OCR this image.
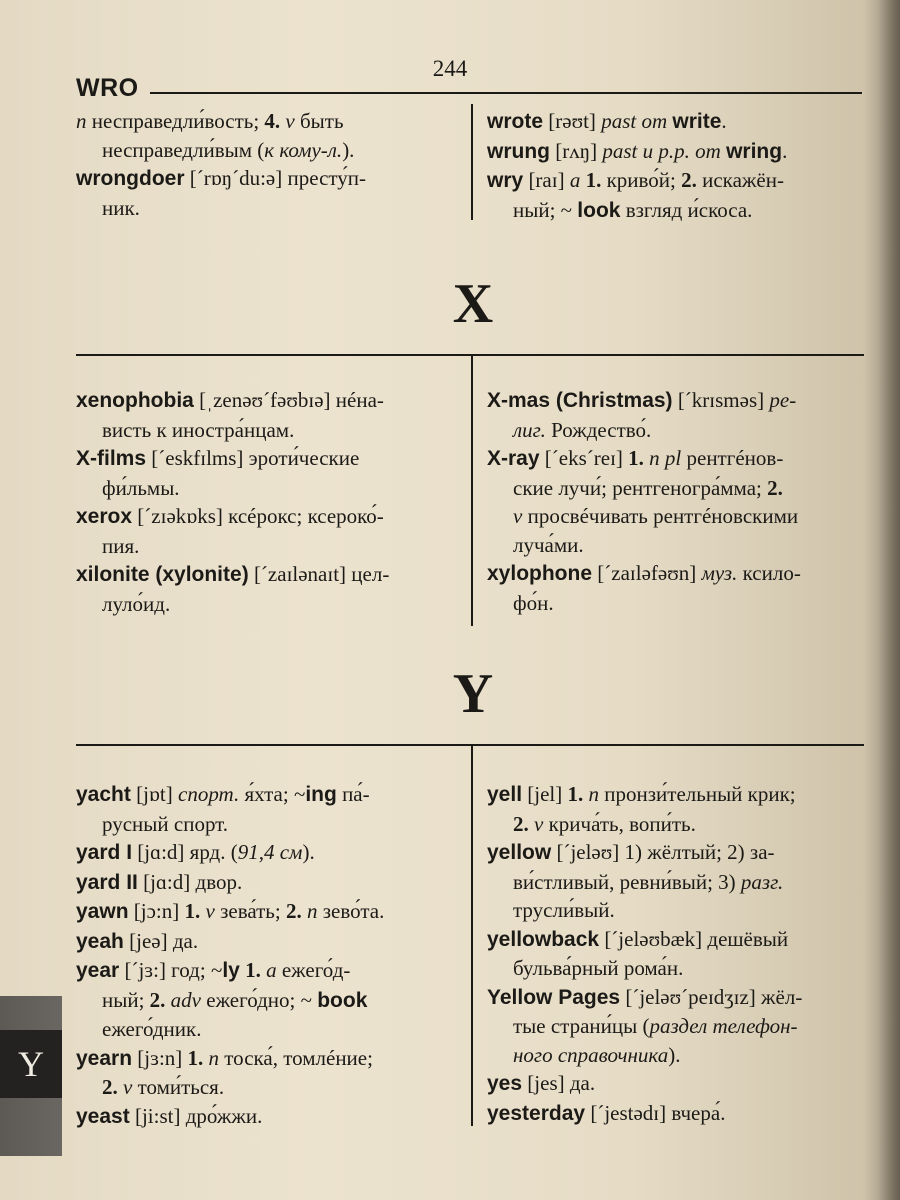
244
WRO
n несправедли́вость; 4. v быть
несправедли́вым (к кому-л.).
wrongdoer [´rɒŋ´du:ə] престу́п-
ник.
wrote [rəʊt] past от write.
wrung [rʌŋ] past и p.p. от wring.
wry [raɪ] a 1. криво́й; 2. искажён-
ный; ~ look взгляд и́скоса.
X
xenophobia [ˌzenəʊ´fəʊbɪə] нéна-
висть к иностра́нцам.
X-films [´eskfɪlms] эроти́ческие
фи́льмы.
xerox [´zɪəkɒks] ксéрокс; ксероко́-
пия.
xilonite (xylonite) [´zaɪlənaɪt] цел-
луло́ид.
X-mas (Christmas) [´krɪsməs] ре-
лиг. Рождество́.
X-ray [´eks´reɪ] 1. n pl рентгéнов-
ские лучи́; рентгеногра́мма; 2.
v просвéчивать рентгéновскими
луча́ми.
xylophone [´zaɪləfəʊn] муз. ксило-
фо́н.
Y
yacht [jɒt] спорт. я́хта; ~ing па́-
русный спорт.
yard I [jɑ:d] ярд. (91,4 см).
yard II [jɑ:d] двор.
yawn [jɔ:n] 1. v зева́ть; 2. n зево́та.
yeah [jeə] да.
year [´jɜ:] год; ~ly 1. a ежего́д-
ный; 2. adv ежего́дно; ~ book
ежего́дник.
yearn [jɜ:n] 1. n тоска́, томлéние;
2. v томи́ться.
yeast [ji:st] дро́жжи.
yell [jel] 1. n пронзи́тельный крик;
2. v крича́ть, вопи́ть.
yellow [´jeləʊ] 1) жёлтый; 2) за-
ви́стливый, ревни́вый; 3) разг.
трусли́вый.
yellowback [´jeləʊbæk] дешёвый
бульва́рный рома́н.
Yellow Pages [´jeləʊ´peɪdʒɪz] жёл-
тые страни́цы (раздел телефон-
ного справочника).
yes [jes] да.
yesterday [´jestədɪ] вчера́.
Y
